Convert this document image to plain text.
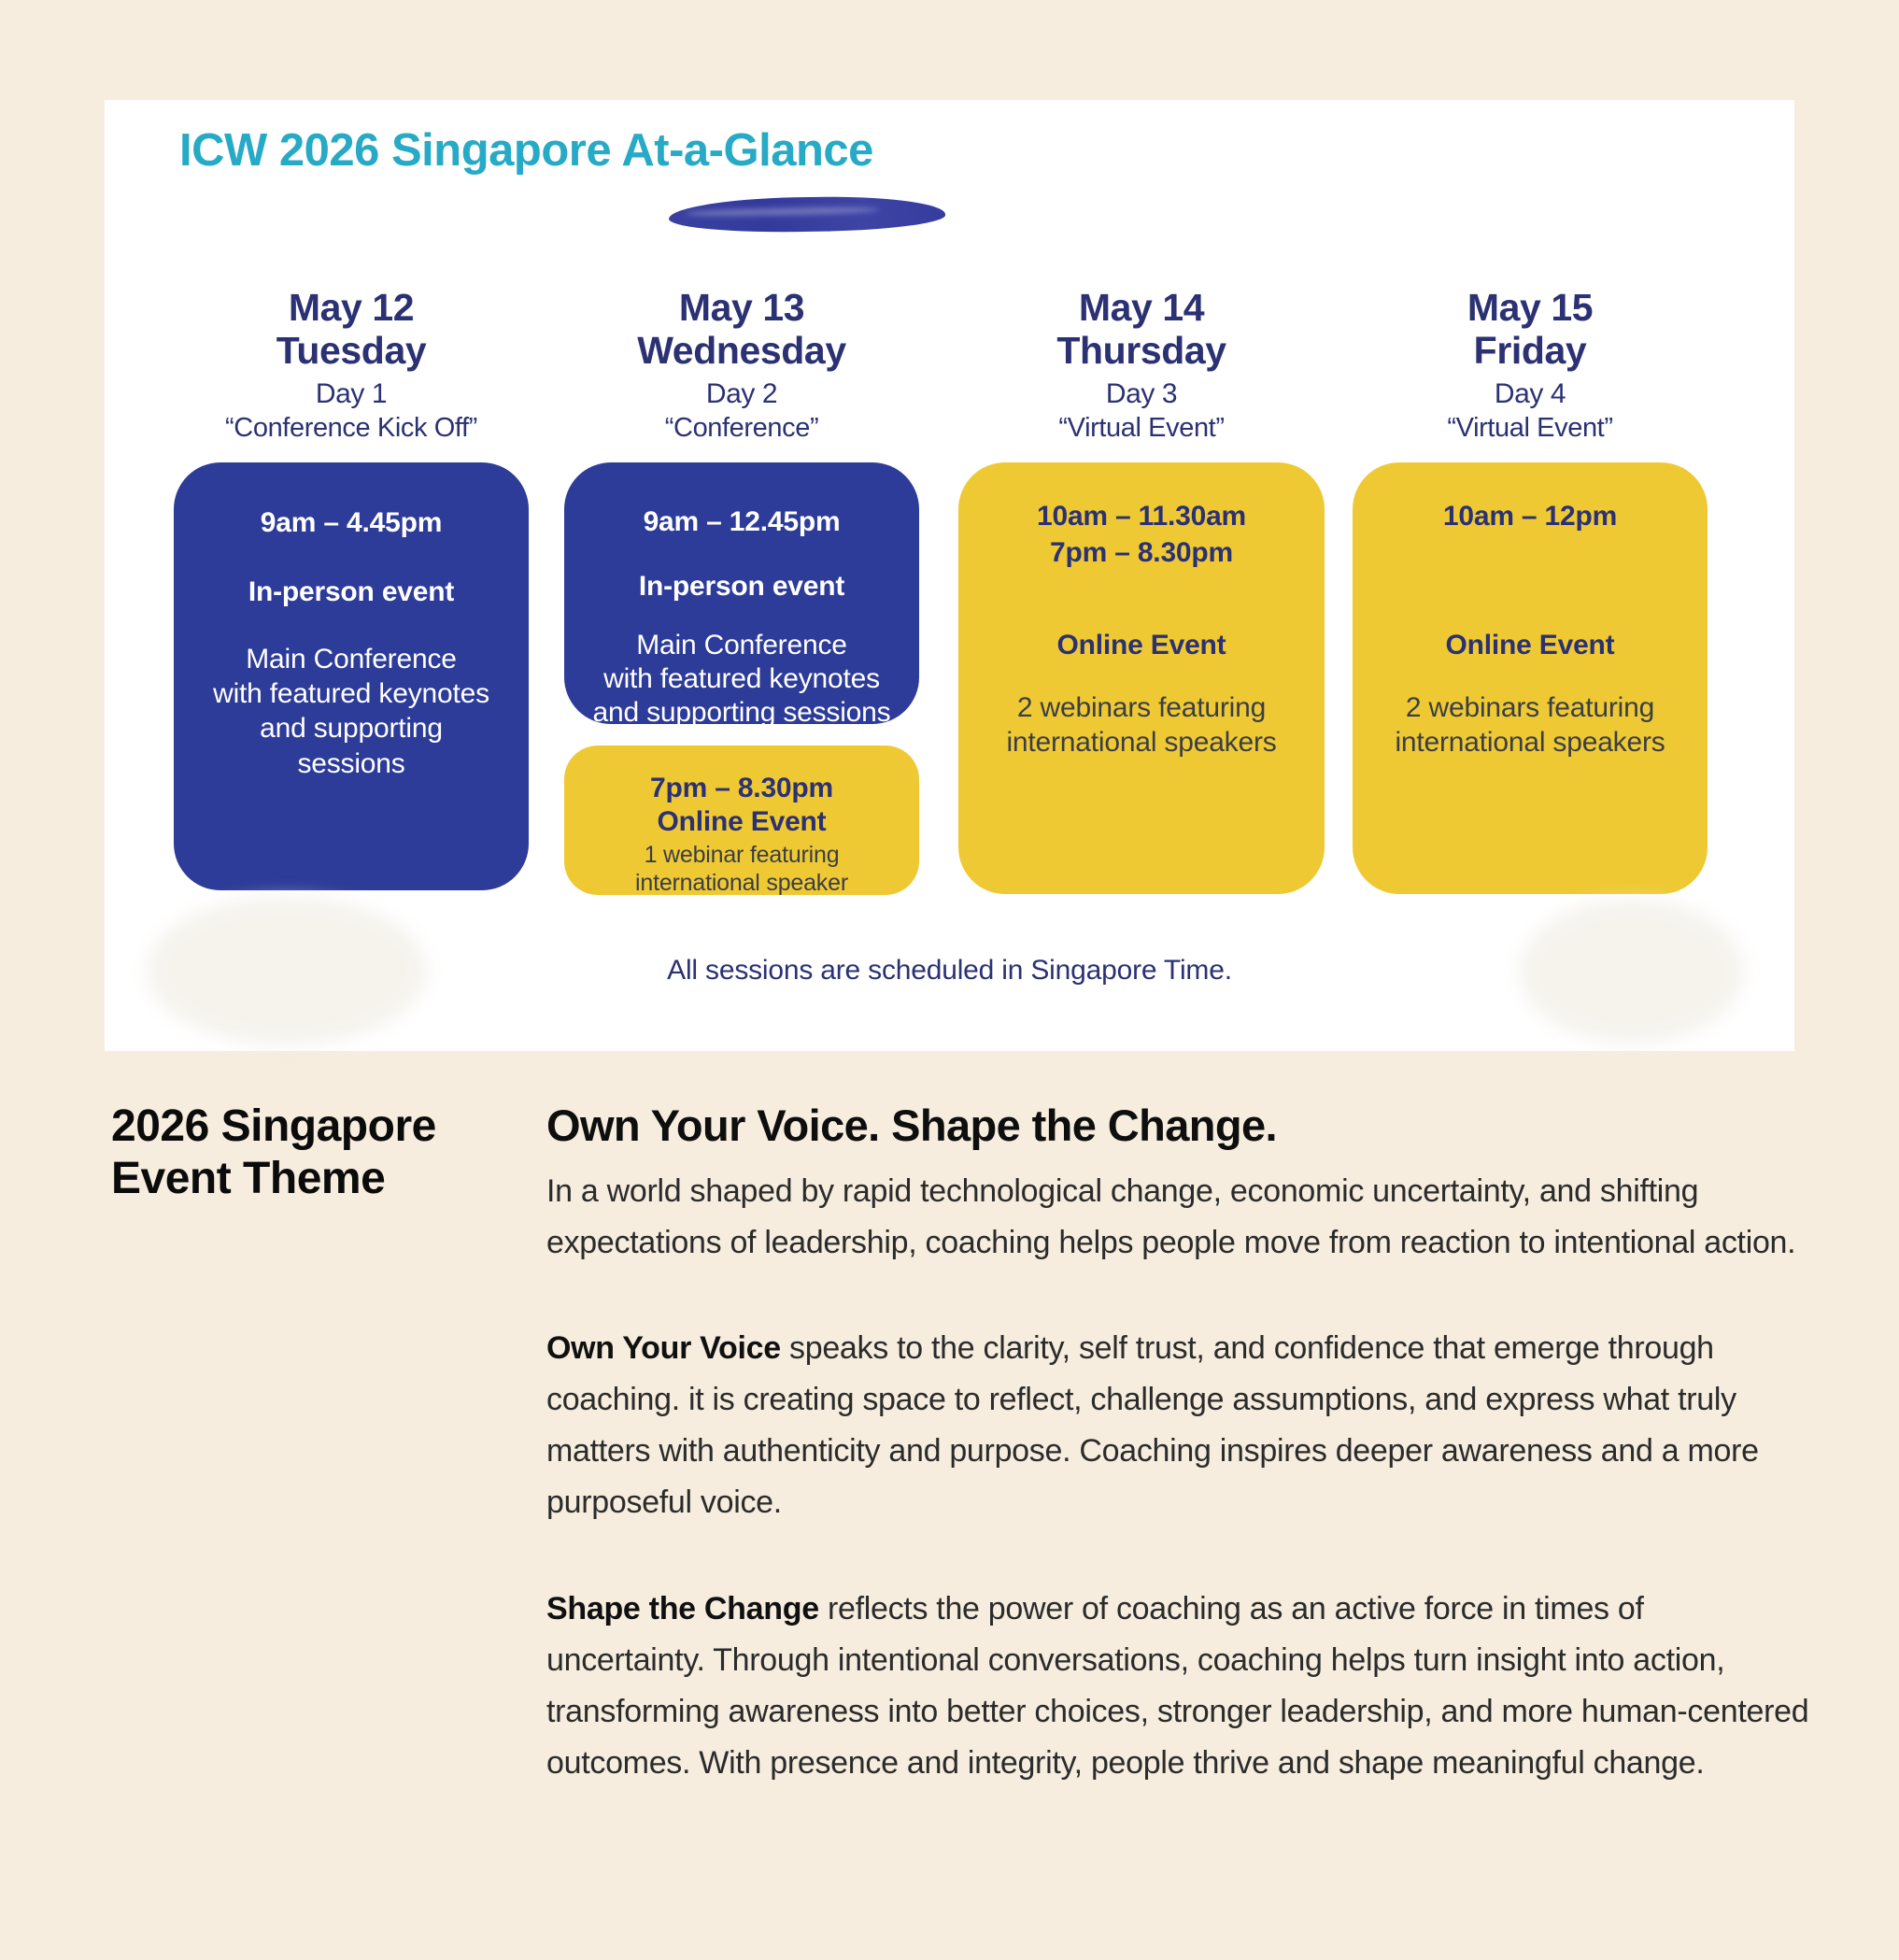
ICW 2026 Singapore At-a-Glance
May 12
Tuesday
Day 1
“Conference Kick Off”
9am – 4.45pm
In-person event
Main Conference
with featured keynotes
and supporting
sessions
May 13
Wednesday
Day 2
“Conference”
9am – 12.45pm
In-person event
Main Conference
with featured keynotes
and supporting sessions
7pm – 8.30pm
Online Event
1 webinar featuring
international speaker
May 14
Thursday
Day 3
“Virtual Event”
10am – 11.30am
7pm – 8.30pm
Online Event
2 webinars featuring
international speakers
May 15
Friday
Day 4
“Virtual Event”
10am – 12pm
Online Event
2 webinars featuring
international speakers
All sessions are scheduled in Singapore Time.
2026 Singapore Event Theme
Own Your Voice. Shape the Change.

In a world shaped by rapid technological change, economic uncertainty, and shifting expectations of leadership, coaching helps people move from reaction to intentional action.

Own Your Voice speaks to the clarity, self trust, and confidence that emerge through coaching. it is creating space to reflect, challenge assumptions, and express what truly matters with authenticity and purpose. Coaching inspires deeper awareness and a more purposeful voice.

Shape the Change reflects the power of coaching as an active force in times of uncertainty. Through intentional conversations, coaching helps turn insight into action, transforming awareness into better choices, stronger leadership, and more human-centered outcomes. With presence and integrity, people thrive and shape meaningful change.
